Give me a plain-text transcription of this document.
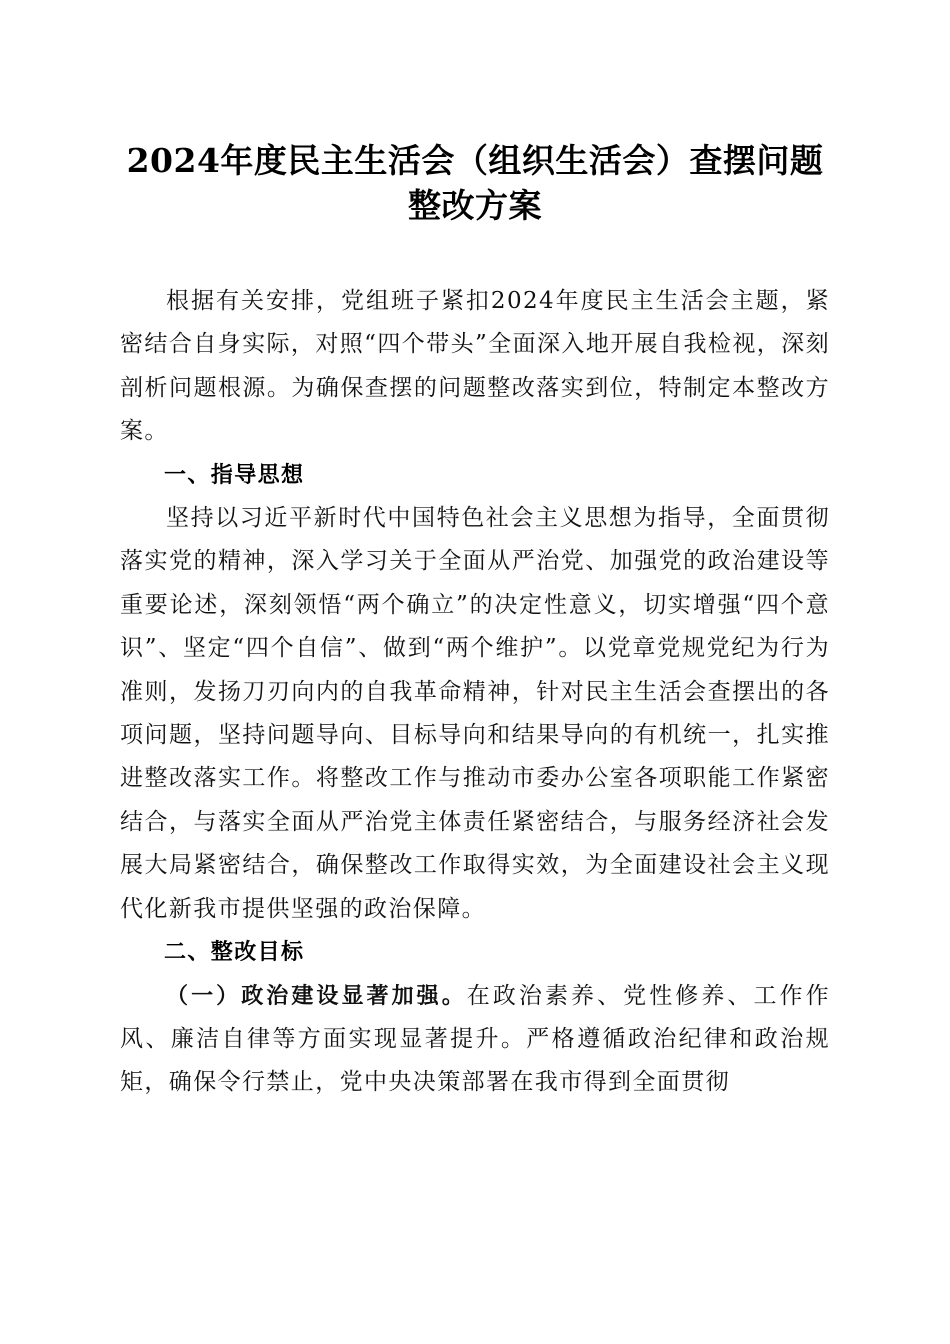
2024年度民主生活会（组织生活会）查摆问题整改方案

根据有关安排，党组班子紧扣2024年度民主生活会主题，紧密结合自身实际，对照“四个带头”全面深入地开展自我检视，深刻剖析问题根源。为确保查摆的问题整改落实到位，特制定本整改方案。

一、指导思想

坚持以习近平新时代中国特色社会主义思想为指导，全面贯彻落实党的精神，深入学习关于全面从严治党、加强党的政治建设等重要论述，深刻领悟“两个确立”的决定性意义，切实增强“四个意识”、坚定“四个自信”、做到“两个维护”。以党章党规党纪为行为准则，发扬刀刃向内的自我革命精神，针对民主生活会查摆出的各项问题，坚持问题导向、目标导向和结果导向的有机统一，扎实推进整改落实工作。将整改工作与推动市委办公室各项职能工作紧密结合，与落实全面从严治党主体责任紧密结合，与服务经济社会发展大局紧密结合，确保整改工作取得实效，为全面建设社会主义现代化新我市提供坚强的政治保障。

二、整改目标

（一）政治建设显著加强。在政治素养、党性修养、工作作风、廉洁自律等方面实现显著提升。严格遵循政治纪律和政治规矩，确保令行禁止，党中央决策部署在我市得到全面贯彻
